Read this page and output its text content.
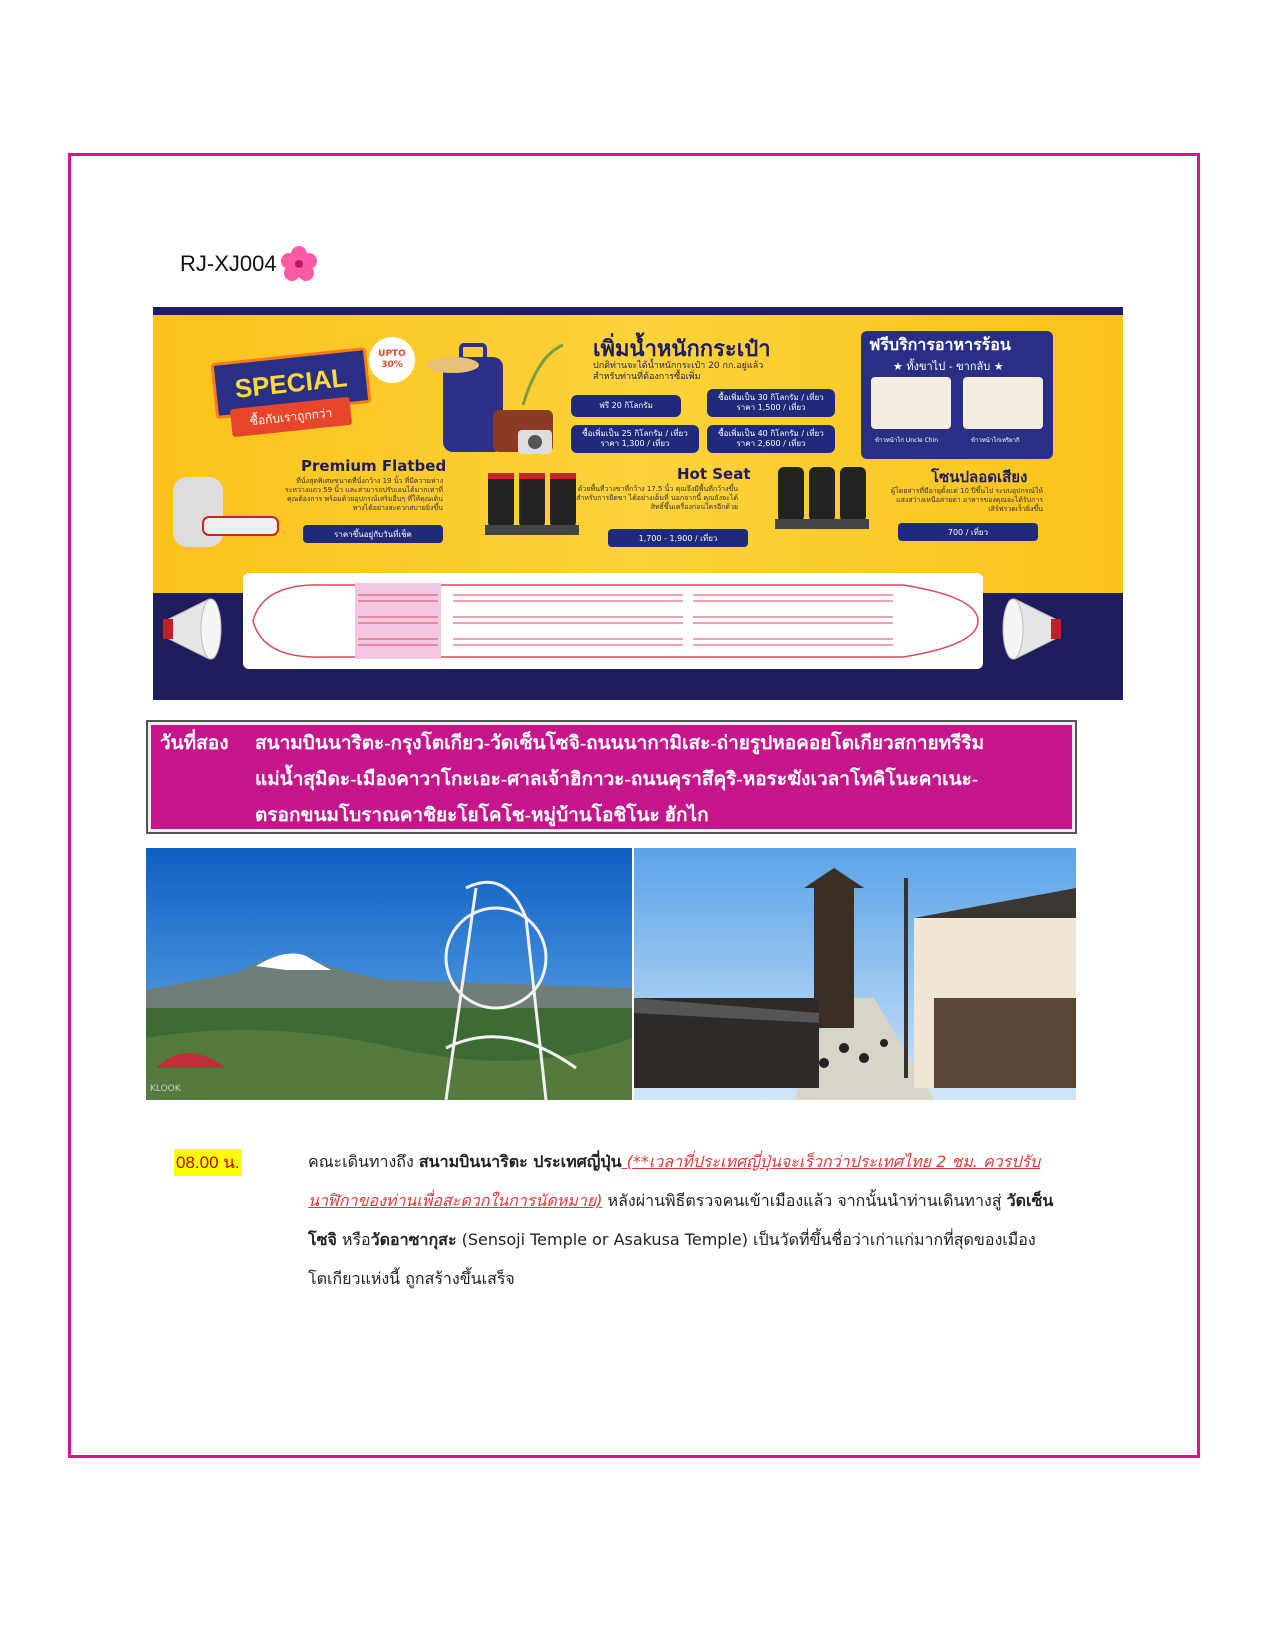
RJ-XJ004
UPTO 30%
SPECIAL
ซื้อกับเราถูกกว่า
เพิ่มน้ำหนักกระเป๋า
ปกติท่านจะได้น้ำหนักกระเป๋า 20 กก.อยู่แล้ว สำหรับท่านที่ต้องการซื้อเพิ่ม
ฟรี 20 กิโลกรัม
ซื้อเพิ่มเป็น 30 กิโลกรัม / เที่ยว ราคา 1,500 / เที่ยว
ซื้อเพิ่มเป็น 25 กิโลกรัม / เที่ยว ราคา 1,300 / เที่ยว
ซื้อเพิ่มเป็น 40 กิโลกรัม / เที่ยว ราคา 2,600 / เที่ยว
ฟรีบริการอาหารร้อน
★ ทั้งขาไป - ขากลับ ★
ข้าวหน้าไก่ Uncle Chin	ข้าวหน้าไก่เทริยากิ
Premium Flatbed
ที่นั่งสุดพิเศษขนาดที่นั่งกว้าง 19 นิ้ว ที่มีความห่างระหว่างแถว 59 นิ้ว และสามารถปรับเอนได้มากเท่าที่คุณต้องการ พร้อมด้วยอุปกรณ์เสริมอื่นๆ ที่ให้คุณเดินทางได้อย่างสะดวกสบายยิ่งขึ้น
ราคาขึ้นอยู่กับวันที่เช็ค
Hot Seat
ด้วยพื้นที่วางขาที่กว้าง 17.5 นิ้ว คุณจึงมีพื้นที่กว้างขึ้นสำหรับการยืดขา ได้อย่างเต็มที่ นอกจากนี้ คุณยังจะได้สิทธิ์ขึ้นเครื่องก่อนใครอีกด้วย
1,700 - 1,900 / เที่ยว
โซนปลอดเสียง
ผู้โดยสารที่มีอายุตั้งแต่ 10 ปีขึ้นไป ระบบอุปกรณ์ให้แสงสว่างเหนือสายตา อาหารของคุณจะได้รับการเสิร์ฟรวดเร็วยิ่งขึ้น
700 / เที่ยว
วันที่สอง สนามบินนาริตะ-กรุงโตเกียว-วัดเซ็นโซจิ-ถนนนากามิเสะ-ถ่ายรูปหอคอยโตเกียวสกายทรีริม
แม่น้ำสุมิดะ-เมืองคาวาโกะเอะ-ศาลเจ้าฮิกาวะ-ถนนคุราสึคุริ-หอระฆังเวลาโทคิโนะคาเนะ-
ตรอกขนมโบราณคาชิยะโยโคโช-หมู่บ้านโอชิโนะ ฮักไก
KLOOK
08.00 น.	คณะเดินทางถึง สนามบินนาริตะ ประเทศญี่ปุ่น (**เวลาที่ประเทศญี่ปุ่นจะเร็วกว่าประเทศไทย 2 ชม. ควรปรับนาฬิกาของท่านเพื่อสะดวกในการนัดหมาย) หลังผ่านพิธีตรวจคนเข้าเมืองแล้ว จากนั้นนำท่านเดินทางสู่ วัดเซ็นโซจิ หรือวัดอาซากุสะ (Sensoji Temple or Asakusa Temple) เป็นวัดที่ขึ้นชื่อว่าเก่าแก่มากที่สุดของเมืองโตเกียวแห่งนี้ ถูกสร้างขึ้นเสร็จ
